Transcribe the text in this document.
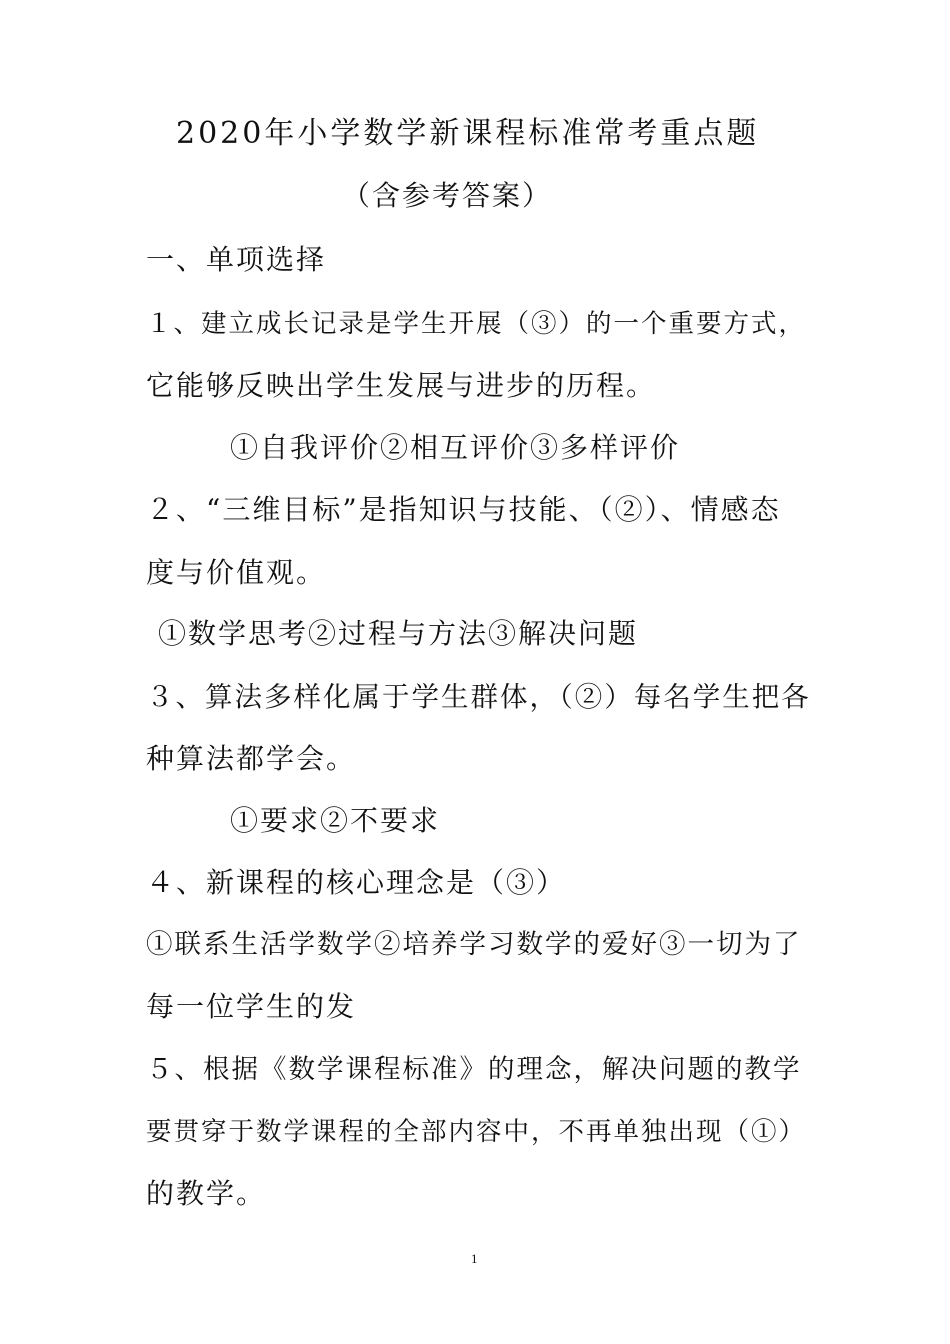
2020年小学数学新课程标准常考重点题
（含参考答案）
一、单项选择
１、建立成长记录是学生开展（③）的一个重要方式，
它能够反映出学生发展与进步的历程。
①自我评价②相互评价③多样评价
２、“三维目标”是指知识与技能、（②）、情感态
度与价值观。
①数学思考②过程与方法③解决问题
３、算法多样化属于学生群体，（②）每名学生把各
种算法都学会。
①要求②不要求
４、新课程的核心理念是（③）
①联系生活学数学②培养学习数学的爱好③一切为了
每一位学生的发
５、根据《数学课程标准》的理念，解决问题的教学
要贯穿于数学课程的全部内容中，不再单独出现（①）
的教学。
1
